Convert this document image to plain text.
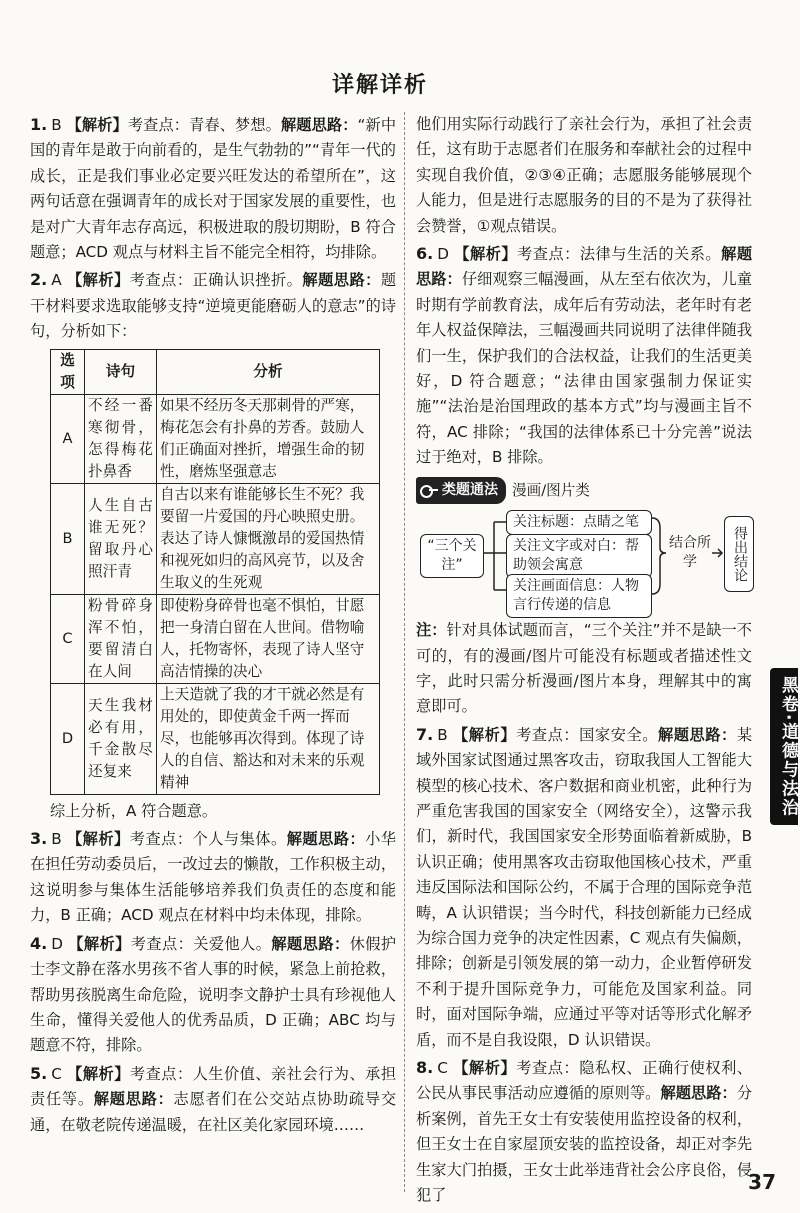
详解详析
1. B 【解析】考查点：青春、梦想。解题思路：“新中国的青年是敢于向前看的，是生气勃勃的”“青年一代的成长，正是我们事业必定要兴旺发达的希望所在”，这两句话意在强调青年的成长对于国家发展的重要性，也是对广大青年志存高远，积极进取的殷切期盼，B 符合题意；ACD 观点与材料主旨不能完全相符，均排除。
2. A 【解析】考查点：正确认识挫折。解题思路：题干材料要求选取能够支持“逆境更能磨砺人的意志”的诗句，分析如下：
选项	诗句	分析
A	不经一番寒彻骨，怎得梅花扑鼻香	如果不经历冬天那刺骨的严寒，梅花怎会有扑鼻的芳香。鼓励人们正确面对挫折，增强生命的韧性，磨炼坚强意志
B	人生自古谁无死？留取丹心照汗青	自古以来有谁能够长生不死？我要留一片爱国的丹心映照史册。表达了诗人慷慨激昂的爱国热情和视死如归的高风亮节，以及舍生取义的生死观
C	粉骨碎身浑不怕，要留清白在人间	即使粉身碎骨也毫不惧怕，甘愿把一身清白留在人世间。借物喻人，托物寄怀，表现了诗人坚守高洁情操的决心
D	天生我材必有用，千金散尽还复来	上天造就了我的才干就必然是有用处的，即使黄金千两一挥而尽，也能够再次得到。体现了诗人的自信、豁达和对未来的乐观精神
综上分析，A 符合题意。
3. B 【解析】考查点：个人与集体。解题思路：小华在担任劳动委员后，一改过去的懒散，工作积极主动，这说明参与集体生活能够培养我们负责任的态度和能力，B 正确；ACD 观点在材料中均未体现，排除。
4. D 【解析】考查点：关爱他人。解题思路：休假护士李文静在落水男孩不省人事的时候，紧急上前抢救，帮助男孩脱离生命危险，说明李文静护士具有珍视他人生命，懂得关爱他人的优秀品质，D 正确；ABC 均与题意不符，排除。
5. C 【解析】考查点：人生价值、亲社会行为、承担责任等。解题思路：志愿者们在公交站点协助疏导交通，在敬老院传递温暖，在社区美化家园环境……
他们用实际行动践行了亲社会行为，承担了社会责任，这有助于志愿者们在服务和奉献社会的过程中实现自我价值，②③④正确；志愿服务能够展现个人能力，但是进行志愿服务的目的不是为了获得社会赞誉，①观点错误。
6. D 【解析】考查点：法律与生活的关系。解题思路：仔细观察三幅漫画，从左至右依次为，儿童时期有学前教育法，成年后有劳动法，老年时有老年人权益保障法，三幅漫画共同说明了法律伴随我们一生，保护我们的合法权益，让我们的生活更美好，D 符合题意；“法律由国家强制力保证实施”“法治是治国理政的基本方式”均与漫画主旨不符，AC 排除；“我国的法律体系已十分完善”说法过于绝对，B 排除。
类题通法 漫画/图片类
“三个关注”
关注标题：点睛之笔
关注文字或对白：帮助领会寓意
关注画面信息：人物言行传递的信息
结合所学	得出结论
注：针对具体试题而言，“三个关注”并不是缺一不可的，有的漫画/图片可能没有标题或者描述性文字，此时只需分析漫画/图片本身，理解其中的寓意即可。
7. B 【解析】考查点：国家安全。解题思路：某域外国家试图通过黑客攻击，窃取我国人工智能大模型的核心技术、客户数据和商业机密，此种行为严重危害我国的国家安全（网络安全），这警示我们，新时代，我国国家安全形势面临着新威胁，B 认识正确；使用黑客攻击窃取他国核心技术，严重违反国际法和国际公约，不属于合理的国际竞争范畴，A 认识错误；当今时代，科技创新能力已经成为综合国力竞争的决定性因素，C 观点有失偏颇，排除；创新是引领发展的第一动力，企业暂停研发不利于提升国际竞争力，可能危及国家利益。同时，面对国际争端，应通过平等对话等形式化解矛盾，而不是自我设限，D 认识错误。
8. C 【解析】考查点：隐私权、正确行使权利、公民从事民事活动应遵循的原则等。解题思路：分析案例，首先王女士有安装使用监控设备的权利，但王女士在自家屋顶安装的监控设备，却正对李先生家大门拍摄，王女士此举违背社会公序良俗，侵犯了
黑卷·道德与法治
37
